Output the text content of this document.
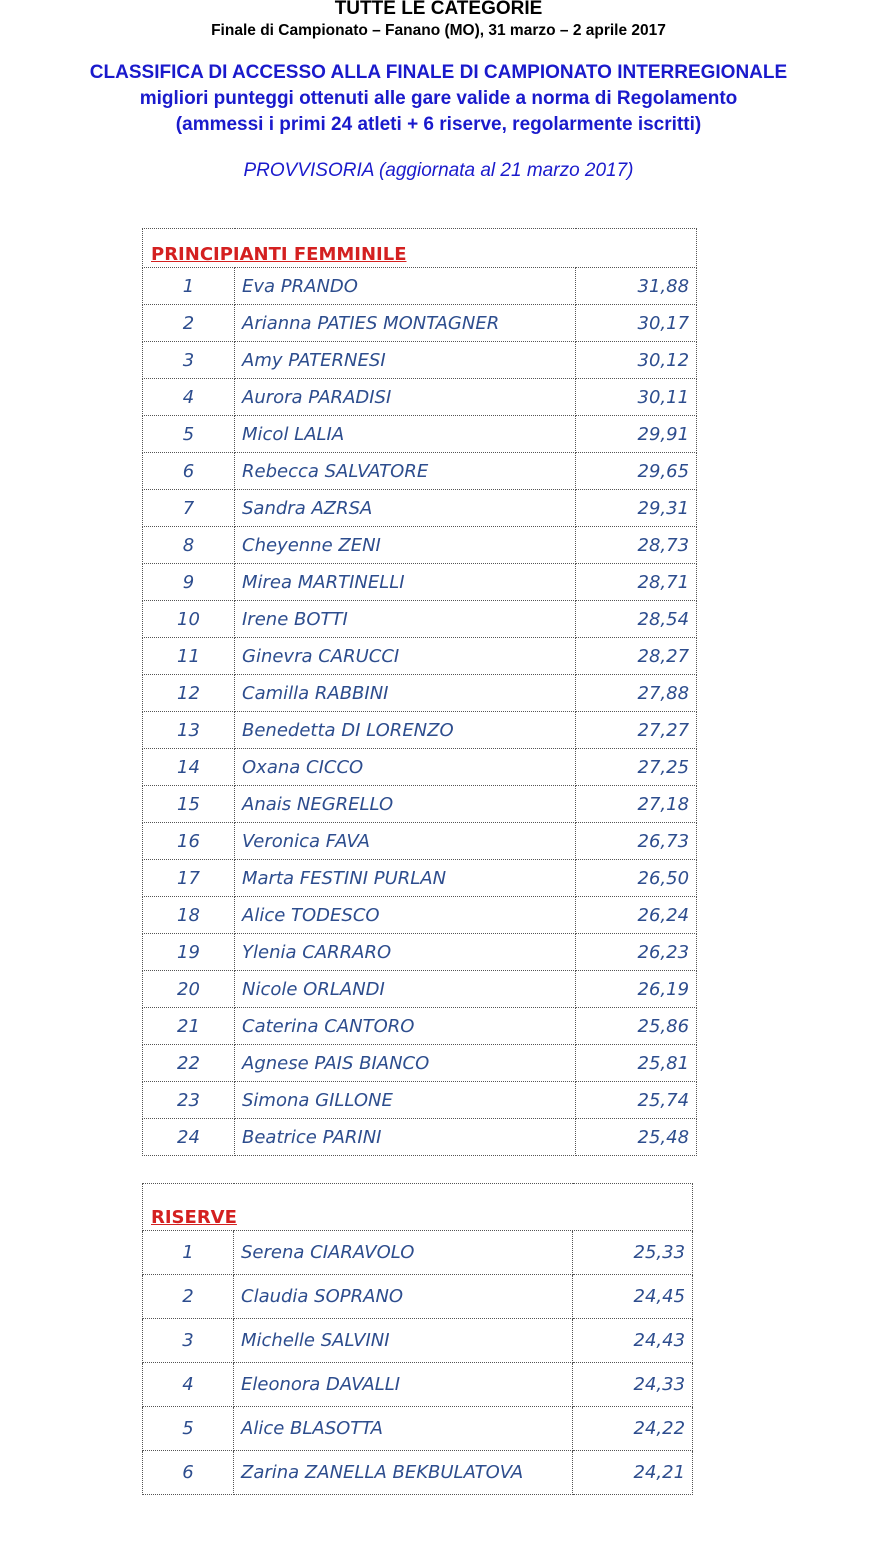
TUTTE LE CATEGORIE
Finale di Campionato – Fanano (MO), 31 marzo – 2 aprile 2017
CLASSIFICA DI ACCESSO ALLA FINALE DI CAMPIONATO INTERREGIONALE
migliori punteggi ottenuti alle gare valide a norma di Regolamento
(ammessi i primi 24 atleti + 6 riserve, regolarmente iscritti)
PROVVISORIA (aggiornata al 21 marzo 2017)
PRINCIPIANTI FEMMINILE		
1	Eva PRANDO	31,88
2	Arianna PATIES MONTAGNER	30,17
3	Amy PATERNESI	30,12
4	Aurora PARADISI	30,11
5	Micol LALIA	29,91
6	Rebecca SALVATORE	29,65
7	Sandra AZRSA	29,31
8	Cheyenne ZENI	28,73
9	Mirea MARTINELLI	28,71
10	Irene BOTTI	28,54
11	Ginevra CARUCCI	28,27
12	Camilla RABBINI	27,88
13	Benedetta DI LORENZO	27,27
14	Oxana CICCO	27,25
15	Anais NEGRELLO	27,18
16	Veronica FAVA	26,73
17	Marta FESTINI PURLAN	26,50
18	Alice TODESCO	26,24
19	Ylenia CARRARO	26,23
20	Nicole ORLANDI	26,19
21	Caterina CANTORO	25,86
22	Agnese PAIS BIANCO	25,81
23	Simona GILLONE	25,74
24	Beatrice PARINI	25,48
RISERVE		
1	Serena CIARAVOLO	25,33
2	Claudia SOPRANO	24,45
3	Michelle SALVINI	24,43
4	Eleonora DAVALLI	24,33
5	Alice BLASOTTA	24,22
6	Zarina ZANELLA BEKBULATOVA	24,21
